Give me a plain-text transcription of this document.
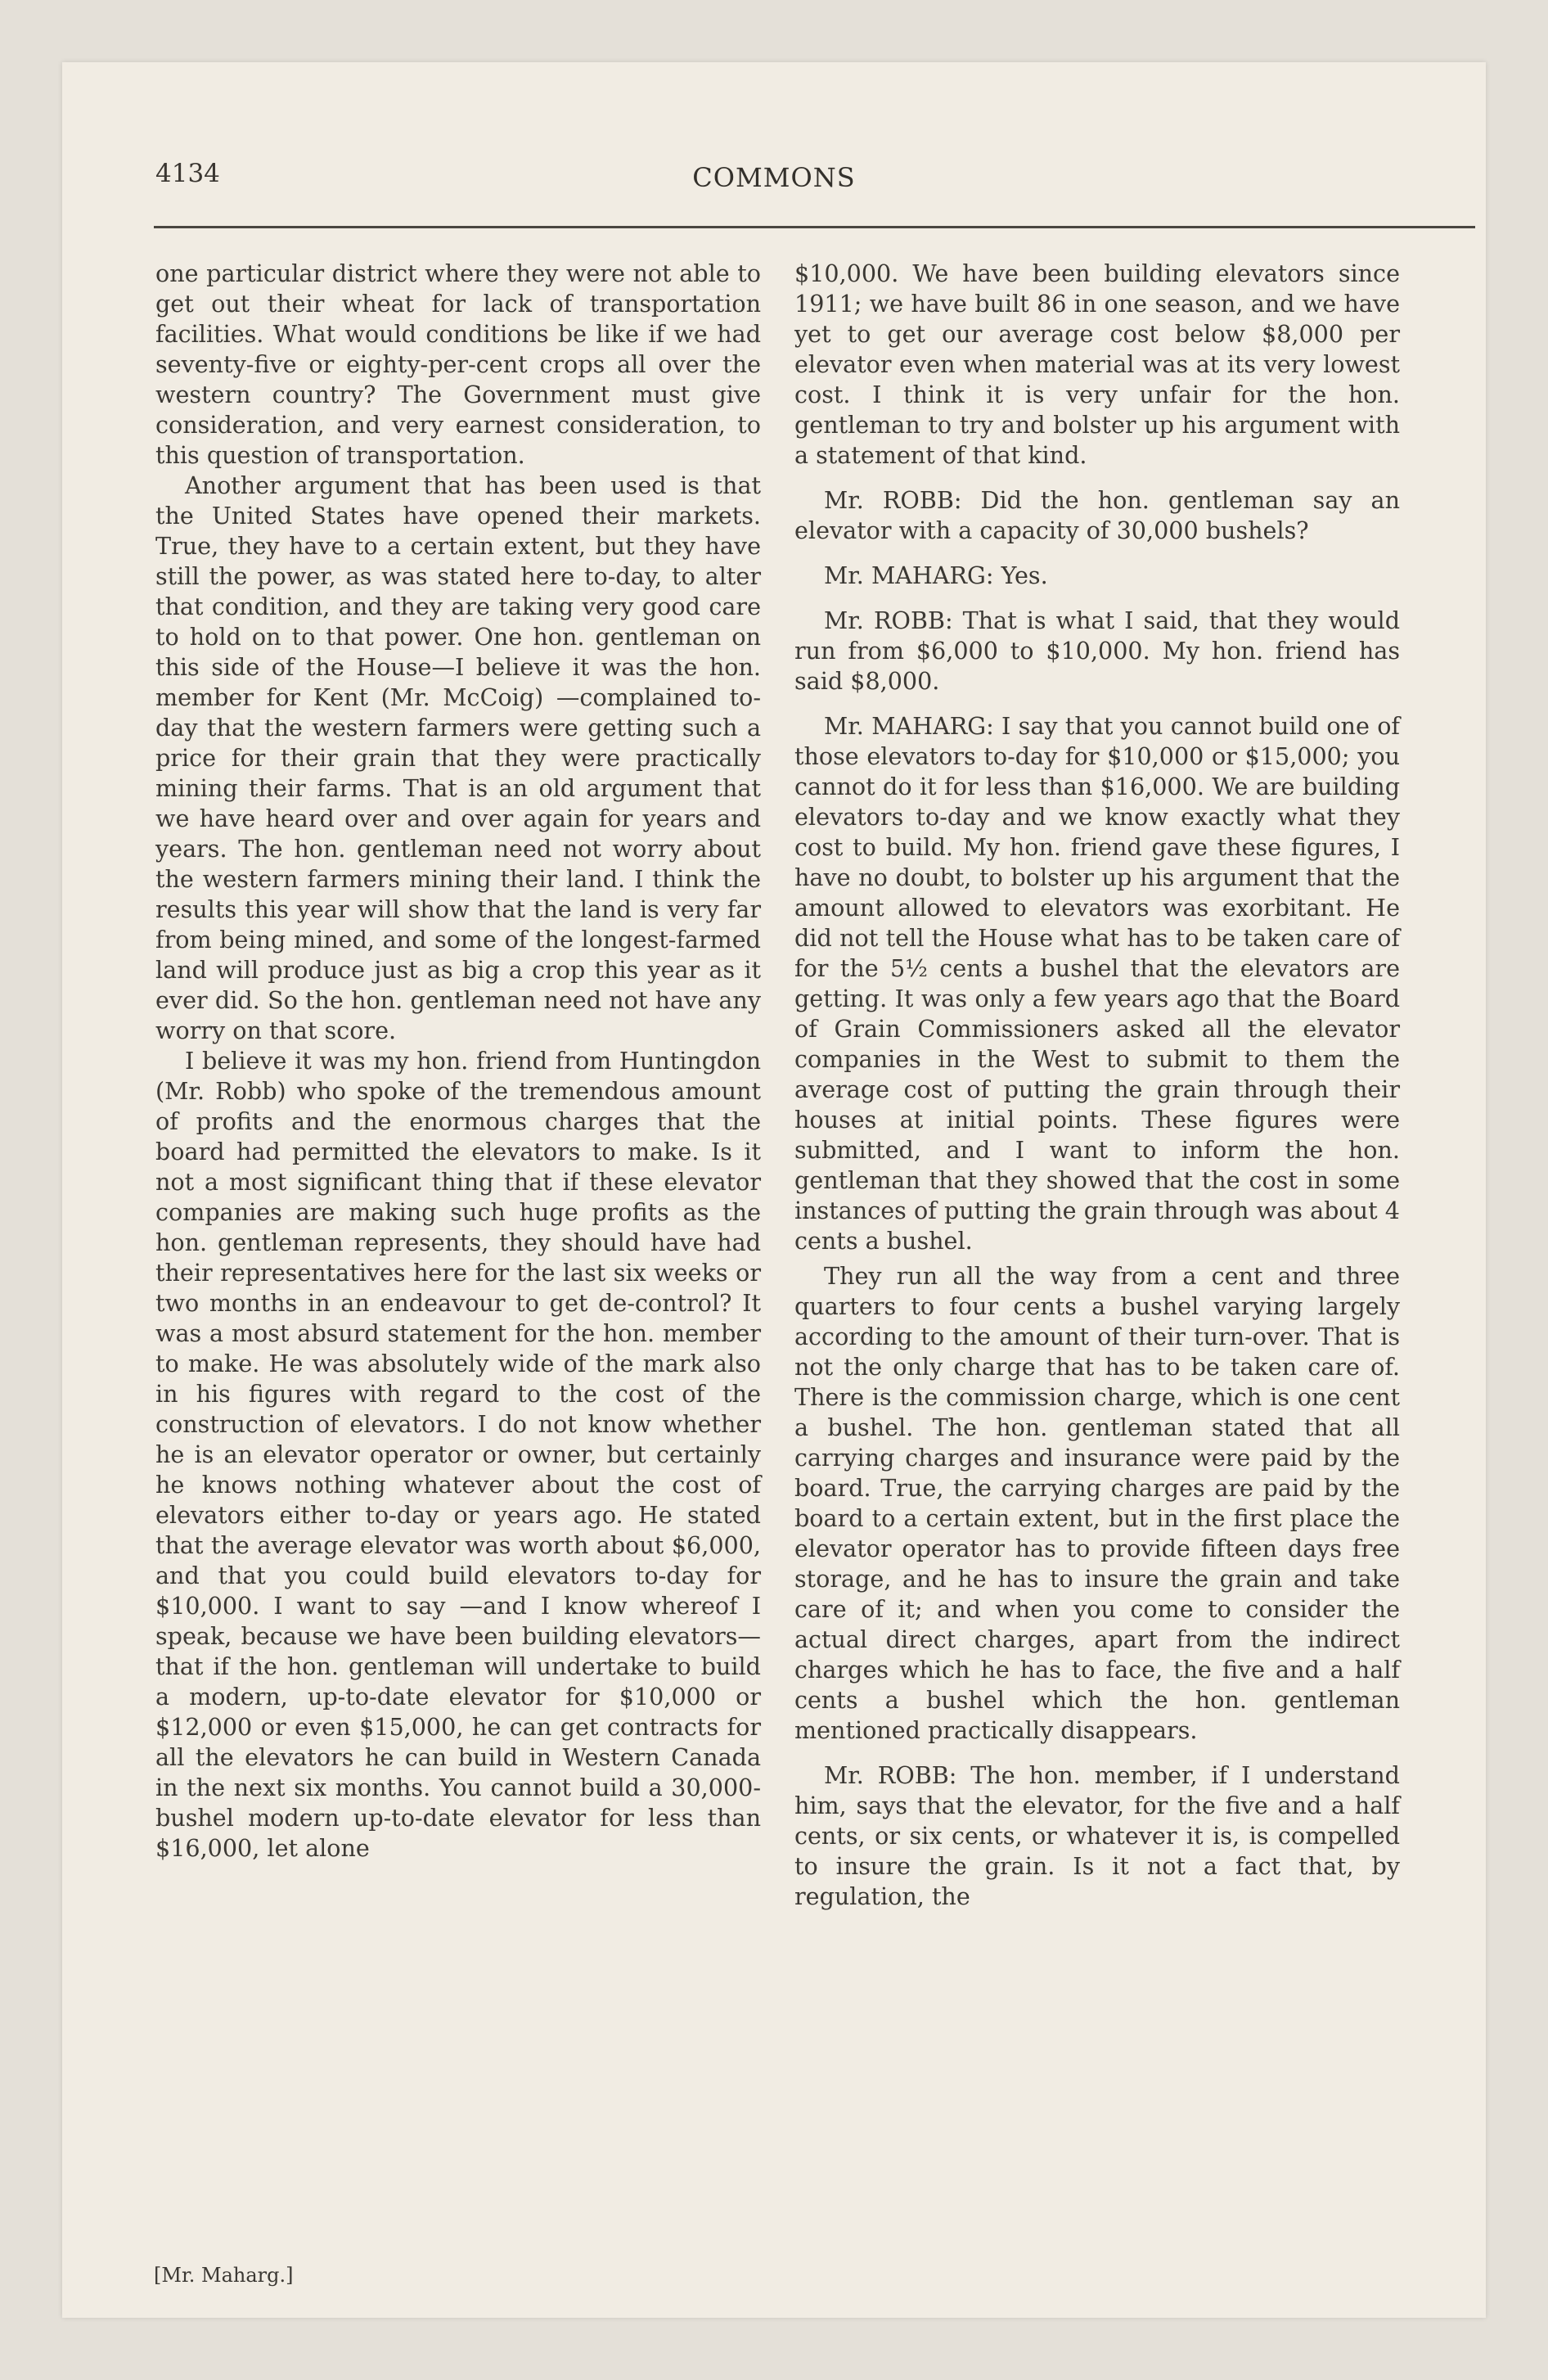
4134	COMMONS

one particular district where they were not able to get out their wheat for lack of transportation facilities. What would conditions be like if we had seventy-five or eighty-per-cent crops all over the western country? The Government must give consideration, and very earnest consideration, to this question of transportation.

Another argument that has been used is that the United States have opened their markets. True, they have to a certain extent, but they have still the power, as was stated here to-day, to alter that condition, and they are taking very good care to hold on to that power. One hon. gentleman on this side of the House—I believe it was the hon. member for Kent (Mr. McCoig) —complained to-day that the western farmers were getting such a price for their grain that they were practically mining their farms. That is an old argument that we have heard over and over again for years and years. The hon. gentleman need not worry about the western farmers mining their land. I think the results this year will show that the land is very far from being mined, and some of the longest-farmed land will produce just as big a crop this year as it ever did. So the hon. gentleman need not have any worry on that score.

I believe it was my hon. friend from Huntingdon (Mr. Robb) who spoke of the tremendous amount of profits and the enormous charges that the board had permitted the elevators to make. Is it not a most significant thing that if these elevator companies are making such huge profits as the hon. gentleman represents, they should have had their representatives here for the last six weeks or two months in an endeavour to get de-control? It was a most absurd statement for the hon. member to make. He was absolutely wide of the mark also in his figures with regard to the cost of the construction of elevators. I do not know whether he is an elevator operator or owner, but certainly he knows nothing whatever about the cost of elevators either to-day or years ago. He stated that the average elevator was worth about $6,000, and that you could build elevators to-day for $10,000. I want to say —and I know whereof I speak, because we have been building elevators—that if the hon. gentleman will undertake to build a modern, up-to-date elevator for $10,000 or $12,000 or even $15,000, he can get contracts for all the elevators he can build in Western Canada in the next six months. You cannot build a 30,000-bushel modern up-to-date elevator for less than $16,000, let alone

$10,000. We have been building elevators since 1911; we have built 86 in one season, and we have yet to get our average cost below $8,000 per elevator even when material was at its very lowest cost. I think it is very unfair for the hon. gentleman to try and bolster up his argument with a statement of that kind.

Mr. ROBB: Did the hon. gentleman say an elevator with a capacity of 30,000 bushels?

Mr. MAHARG: Yes.

Mr. ROBB: That is what I said, that they would run from $6,000 to $10,000. My hon. friend has said $8,000.

Mr. MAHARG: I say that you cannot build one of those elevators to-day for $10,000 or $15,000; you cannot do it for less than $16,000. We are building elevators to-day and we know exactly what they cost to build. My hon. friend gave these figures, I have no doubt, to bolster up his argument that the amount allowed to elevators was exorbitant. He did not tell the House what has to be taken care of for the 5½ cents a bushel that the elevators are getting. It was only a few years ago that the Board of Grain Commissioners asked all the elevator companies in the West to submit to them the average cost of putting the grain through their houses at initial points. These figures were submitted, and I want to inform the hon. gentleman that they showed that the cost in some instances of putting the grain through was about 4 cents a bushel.

They run all the way from a cent and three quarters to four cents a bushel varying largely according to the amount of their turn-over. That is not the only charge that has to be taken care of. There is the commission charge, which is one cent a bushel. The hon. gentleman stated that all carrying charges and insurance were paid by the board. True, the carrying charges are paid by the board to a certain extent, but in the first place the elevator operator has to provide fifteen days free storage, and he has to insure the grain and take care of it; and when you come to consider the actual direct charges, apart from the indirect charges which he has to face, the five and a half cents a bushel which the hon. gentleman mentioned practically disappears.

Mr. ROBB: The hon. member, if I understand him, says that the elevator, for the five and a half cents, or six cents, or whatever it is, is compelled to insure the grain. Is it not a fact that, by regulation, the

[Mr. Maharg.]
